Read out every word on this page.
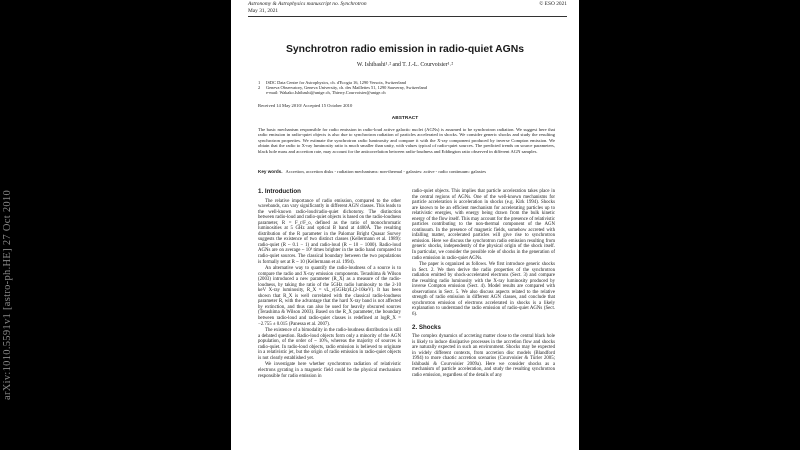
Astronomy & Astrophysics manuscript no. Synchrotron
May 31, 2021
© ESO 2021
Synchrotron radio emission in radio-quiet AGNs
W. Ishibashi¹˒² and T. J.-L. Courvoisier¹˒²
1 ISDC Data Centre for Astrophysics, ch. d'Ecogia 16, 1290 Versoix, Switzerland
2 Geneva Observatory, Geneva University, ch. des Maillettes 51, 1290 Sauverny, Switzerland
e-mail: Wakako.Ishibashi@unige.ch, Thierry.Courvoisier@unige.ch
Received 14 May 2010/ Accepted 15 October 2010
ABSTRACT
The basic mechanism responsible for radio emission in radio-loud active galactic nuclei (AGNs) is assumed to be synchrotron radiation. We suggest here that radio emission in radio-quiet objects is also due to synchrotron radiation of particles accelerated in shocks. We consider generic shocks and study the resulting synchrotron properties. We estimate the synchrotron radio luminosity and compare it with the X-ray component produced by inverse Compton emission. We obtain that the radio to X-ray luminosity ratio is much smaller than unity, with values typical of radio-quiet sources. The predicted trends on source parameters, black hole mass and accretion rate, may account for the anticorrelation between radio-loudness and Eddington ratio observed in different AGN samples.
Key words. Accretion, accretion disks - radiation mechanisms: non-thermal - galaxies: active - radio continuum: galaxies
1. Introduction

The relative importance of radio emission, compared to the other wavebands, can vary significantly in different AGN classes. This leads to the well-known radio-loud/radio-quiet dichotomy. The distinction between radio-loud and radio-quiet objects is based on the radio-loudness parameter, R = F_r/F_o, defined as the ratio of monochromatic luminosities at 5 GHz and optical B band at 4400Å. The resulting distribution of the R parameter in the Palomar Bright Quasar Survey suggests the existence of two distinct classes (Kellermann et al. 1989): radio-quiet (R ~ 0.1 − 1) and radio-loud (R ~ 10 − 1000). Radio-loud AGNs are on average ~ 10³ times brighter in the radio band compared to radio-quiet sources. The classical boundary between the two populations is formally set at R ~ 10 (Kellermann et al. 1994).

An alternative way to quantify the radio-loudness of a source is to compare the radio and X-ray emission components. Terashima & Wilson (2003) introduced a new parameter (R_X) as a measure of the radio-loudness, by taking the ratio of the 5GHz radio luminosity to the 2-10 keV X-ray luminosity, R_X = νL_ν(5GHz)/L(2-10keV). It has been shown that R_X is well correlated with the classical radio-loudness parameter R, with the advantage that the hard X-ray band is not affected by extinction, and thus can also be used for heavily obscured sources (Terashima & Wilson 2003). Based on the R_X parameter, the boundary between radio-loud and radio-quiet classes is redefined at logR_X = −2.755 ± 0.015 (Panessa et al. 2007).

The existence of a bimodality in the radio-loudness distribution is still a debated question. Radio-loud objects form only a minority of the AGN population, of the order of ~ 10%, whereas the majority of sources is radio-quiet. In radio-loud objects, radio emission is believed to originate in a relativistic jet, but the origin of radio emission in radio-quiet objects is not clearly established yet.

We investigate here whether synchrotron radiation of relativistic electrons gyrating in a magnetic field could be the physical mechanism responsible for radio emission in

radio-quiet objects. This implies that particle acceleration takes place in the central regions of AGNs. One of the well-known mechanisms for particle acceleration is acceleration in shocks (e.g. Kirk 1994). Shocks are known to be an efficient mechanism for accelerating particles up to relativistic energies, with energy being drawn from the bulk kinetic energy of the flow itself. This may account for the presence of relativistic particles contributing to the non-thermal component of the AGN continuum. In the presence of magnetic fields, somehow accreted with infalling matter, accelerated particles will give rise to synchrotron emission. Here we discuss the synchrotron radio emission resulting from generic shocks, independently of the physical origin of the shock itself. In particular, we consider the possible role of shocks in the generation of radio emission in radio-quiet AGNs.

The paper is organized as follows. We first introduce generic shocks in Sect. 2. We then derive the radio properties of the synchrotron radiation emitted by shock-accelerated electrons (Sect. 3) and compare the resulting radio luminosity with the X-ray luminosity produced by inverse Compton emission (Sect. 4). Model results are compared with observations in Sect. 5. We also discuss aspects related to the relative strength of radio emission in different AGN classes, and conclude that synchrotron emission of electrons accelerated in shocks is a likely explanation to understand the radio emission of radio-quiet AGNs (Sect. 6).

2. Shocks

The complex dynamics of accreting matter close to the central black hole is likely to induce dissipative processes in the accretion flow and shocks are naturally expected in such an environment. Shocks may be expected in widely different contexts, from accretion disc models (Blandford 1994) to more chaotic accretion scenarios (Courvoisier & Türler 2005; Ishibashi & Courvoisier 2009a). Here we consider shocks as a mechanism of particle acceleration, and study the resulting synchrotron radio emission, regardless of the details of any

arXiv:1010.5591v1 [astro-ph.HE] 27 Oct 2010
